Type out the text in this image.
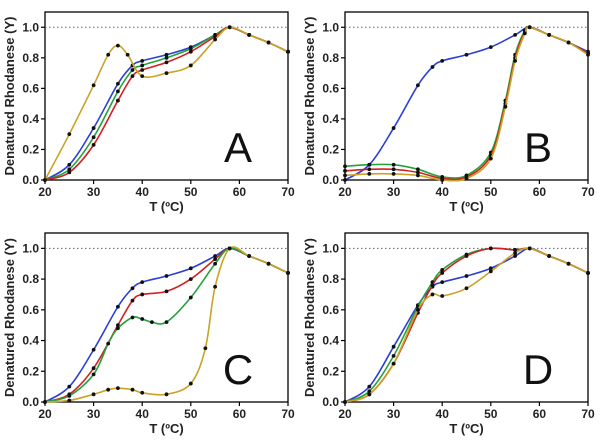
20	30	40	50	60	70
0.0
0.2
0.4
0.6
0.8
1.0
T (ºC)
Denatured Rhodanese (Y)	A
20	30	40	50	60	70
0.0
0.2
0.4
0.6
0.8
1.0
T (ºC)
Denatured Rhodanese (Y)	B
20	30	40	50	60	70
0.0
0.2
0.4
0.6
0.8
1.0
T (ºC)
Denatured Rhodanese (Y)	C
20	30	40	50	60	70
0.0
0.2
0.4
0.6
0.8
1.0
T (ºC)
Denatured Rhodanese (Y)	D
